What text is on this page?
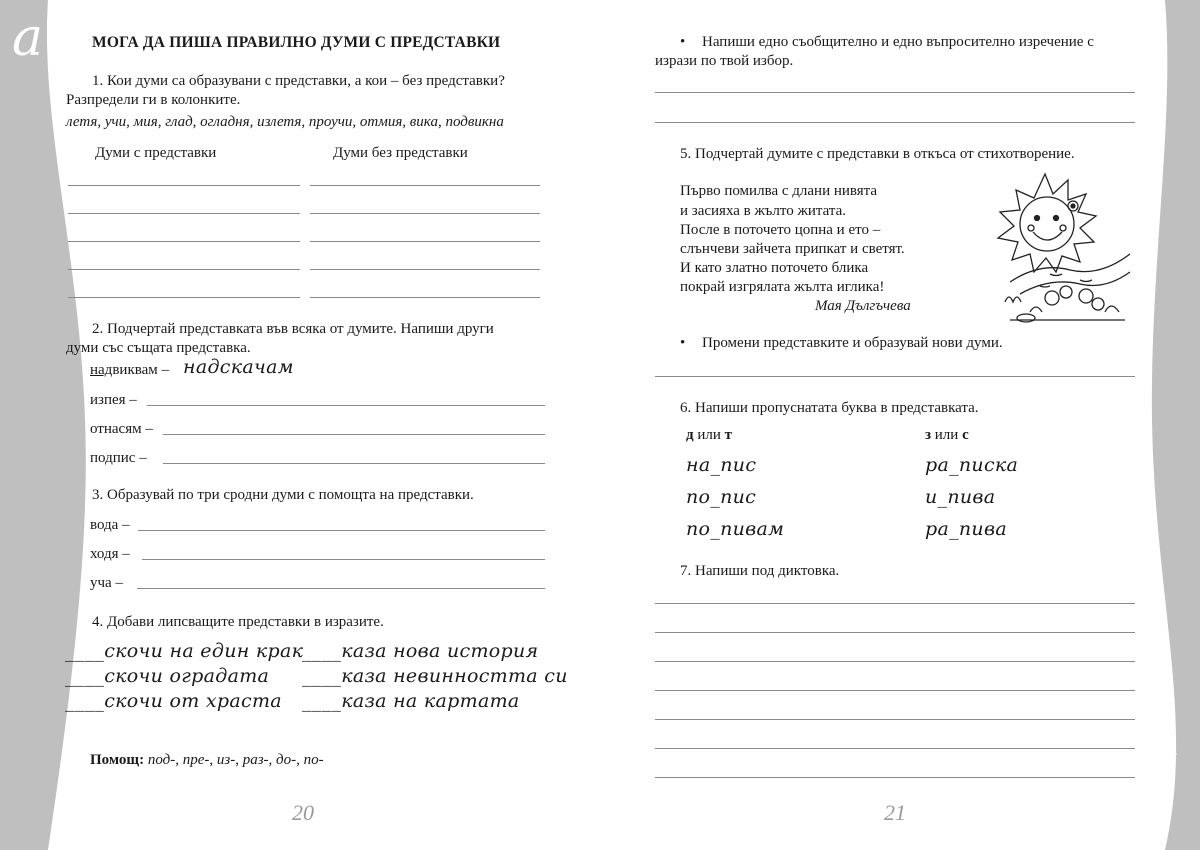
а
б
МОГА ДА ПИША ПРАВИЛНО ДУМИ С ПРЕДСТАВКИ
1. Кои думи са образувани с представки, а кои – без представки?
Разпредели ги в колонките.
летя, учи, мия, глад, огладня, излетя, проучи, отмия, вика, подвикна
Думи с представки	Думи без представки
2. Подчертай представката във всяка от думите. Напиши други
думи със същата представка.
надвиквам – надскачам
изпея –
отнасям –
подпис –
3. Образувай по три сродни думи с помощта на представки.
вода –
ходя –
уча –
4. Добави липсващите представки в изразите.
____скочи на един крак
____скочи оградата
____скочи от храста
____каза нова история
____каза невинността си
____каза на картата
Помощ: под-, пре-, из-, раз-, до-, по-
20
• Напиши едно съобщително и едно въпросително изречение с
изрази по твой избор.
5. Подчертай думите с представки в откъса от стихотворение.
Първо помилва с длани нивята
и засияха в жълто житата.
После в поточето цопна и ето –
слънчеви зайчета припкат и светят.
И като златно поточето блика
покрай изгрялата жълта иглика!
Мая Дългъчева
• Промени представките и образувай нови думи.
6. Напиши пропуснатата буква в представката.
д или т	з или с
на_пис
по_пис
по_пивам
ра_писка
и_пива
ра_пива
7. Напиши под диктовка.
21
